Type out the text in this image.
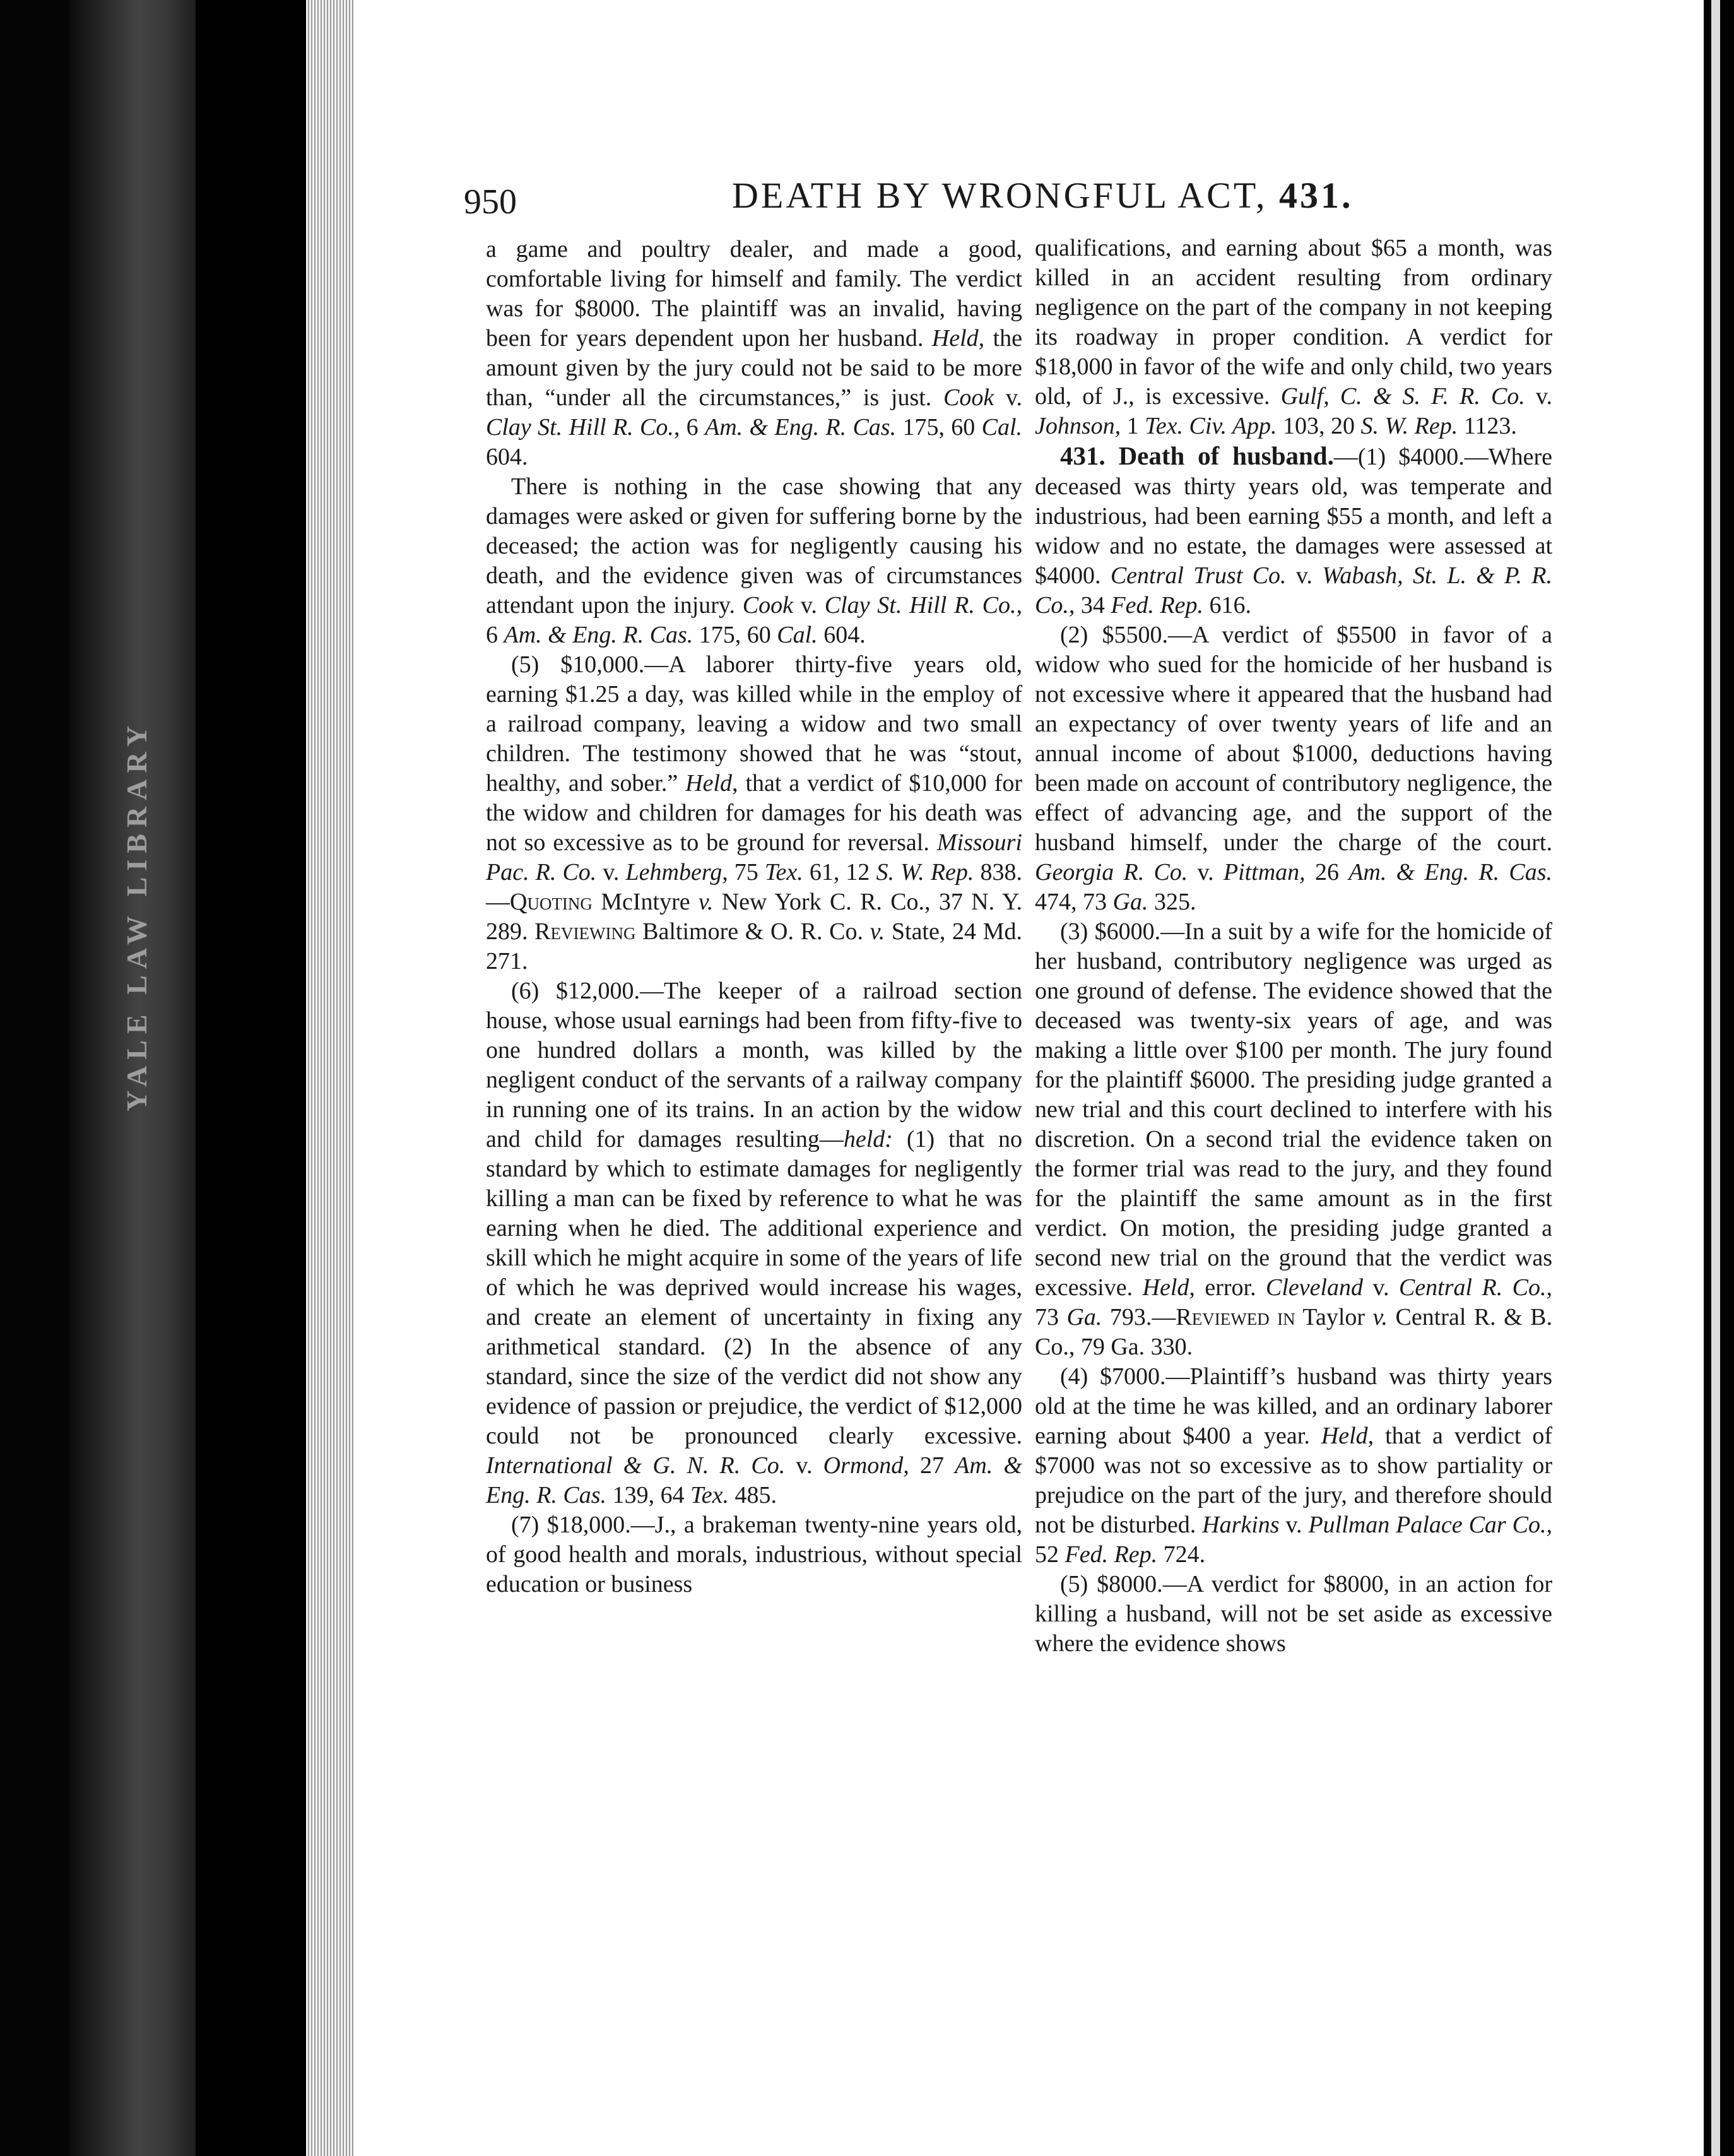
YALE LAW LIBRARY
950	DEATH BY WRONGFUL ACT, 431.

a game and poultry dealer, and made a good, comfortable living for himself and family. The verdict was for $8000. The plaintiff was an invalid, having been for years dependent upon her husband. Held, the amount given by the jury could not be said to be more than, “under all the circumstances,” is just. Cook v. Clay St. Hill R. Co., 6 Am. & Eng. R. Cas. 175, 60 Cal. 604.

There is nothing in the case showing that any damages were asked or given for suffering borne by the deceased; the action was for negligently causing his death, and the evidence given was of circumstances attendant upon the injury. Cook v. Clay St. Hill R. Co., 6 Am. & Eng. R. Cas. 175, 60 Cal. 604.

(5) $10,000.—A laborer thirty-five years old, earning $1.25 a day, was killed while in the employ of a railroad company, leaving a widow and two small children. The testimony showed that he was “stout, healthy, and sober.” Held, that a verdict of $10,000 for the widow and children for damages for his death was not so excessive as to be ground for reversal. Missouri Pac. R. Co. v. Lehmberg, 75 Tex. 61, 12 S. W. Rep. 838.—Quoting McIntyre v. New York C. R. Co., 37 N. Y. 289. Reviewing Baltimore & O. R. Co. v. State, 24 Md. 271.

(6) $12,000.—The keeper of a railroad section house, whose usual earnings had been from fifty-five to one hundred dollars a month, was killed by the negligent conduct of the servants of a railway company in running one of its trains. In an action by the widow and child for damages resulting—held: (1) that no standard by which to estimate damages for negligently killing a man can be fixed by reference to what he was earning when he died. The additional experience and skill which he might acquire in some of the years of life of which he was deprived would increase his wages, and create an element of uncertainty in fixing any arithmetical standard. (2) In the absence of any standard, since the size of the verdict did not show any evidence of passion or prejudice, the verdict of $12,000 could not be pronounced clearly excessive. International & G. N. R. Co. v. Ormond, 27 Am. & Eng. R. Cas. 139, 64 Tex. 485.

(7) $18,000.—J., a brakeman twenty-nine years old, of good health and morals, industrious, without special education or business

qualifications, and earning about $65 a month, was killed in an accident resulting from ordinary negligence on the part of the company in not keeping its roadway in proper condition. A verdict for $18,000 in favor of the wife and only child, two years old, of J., is excessive. Gulf, C. & S. F. R. Co. v. Johnson, 1 Tex. Civ. App. 103, 20 S. W. Rep. 1123.

431. Death of husband.—(1) $4000.—Where deceased was thirty years old, was temperate and industrious, had been earning $55 a month, and left a widow and no estate, the damages were assessed at $4000. Central Trust Co. v. Wabash, St. L. & P. R. Co., 34 Fed. Rep. 616.

(2) $5500.—A verdict of $5500 in favor of a widow who sued for the homicide of her husband is not excessive where it appeared that the husband had an expectancy of over twenty years of life and an annual income of about $1000, deductions having been made on account of contributory negligence, the effect of advancing age, and the support of the husband himself, under the charge of the court. Georgia R. Co. v. Pittman, 26 Am. & Eng. R. Cas. 474, 73 Ga. 325.

(3) $6000.—In a suit by a wife for the homicide of her husband, contributory negligence was urged as one ground of defense. The evidence showed that the deceased was twenty-six years of age, and was making a little over $100 per month. The jury found for the plaintiff $6000. The presiding judge granted a new trial and this court declined to interfere with his discretion. On a second trial the evidence taken on the former trial was read to the jury, and they found for the plaintiff the same amount as in the first verdict. On motion, the presiding judge granted a second new trial on the ground that the verdict was excessive. Held, error. Cleveland v. Central R. Co., 73 Ga. 793.—Reviewed in Taylor v. Central R. & B. Co., 79 Ga. 330.

(4) $7000.—Plaintiff’s husband was thirty years old at the time he was killed, and an ordinary laborer earning about $400 a year. Held, that a verdict of $7000 was not so excessive as to show partiality or prejudice on the part of the jury, and therefore should not be disturbed. Harkins v. Pullman Palace Car Co., 52 Fed. Rep. 724.

(5) $8000.—A verdict for $8000, in an action for killing a husband, will not be set aside as excessive where the evidence shows
